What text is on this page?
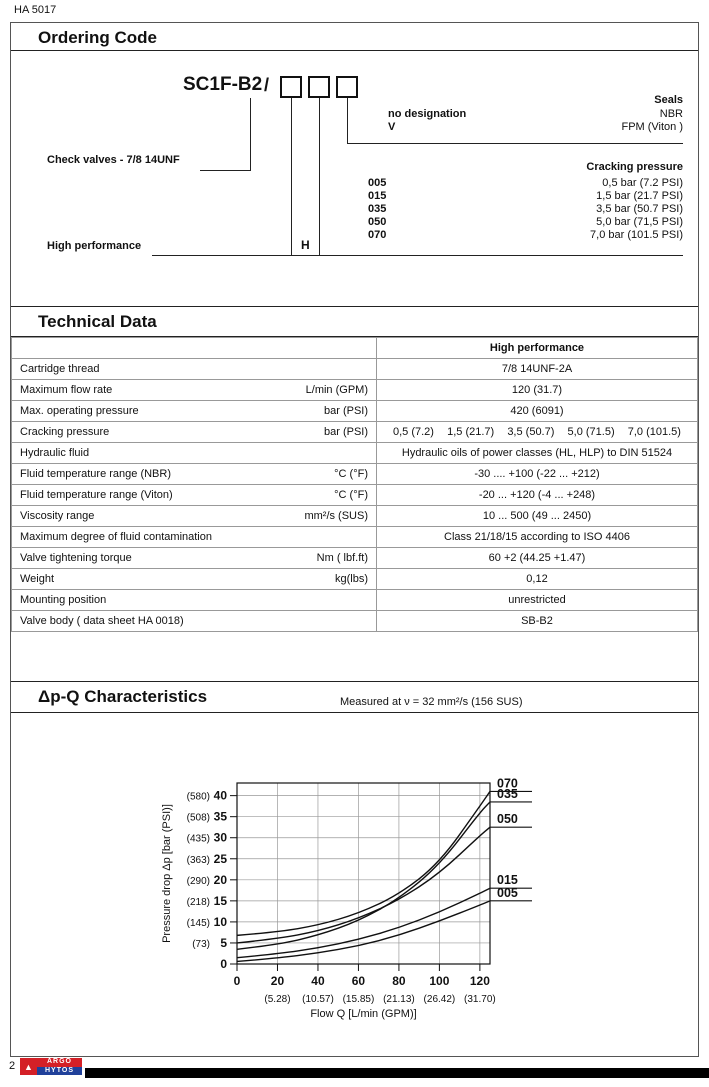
HA 5017
Ordering Code
SC1F-B2 /
Seals
no designation	NBR
V	FPM (Viton )
Check valves - 7/8 14UNF
Cracking pressure
005	0,5 bar (7.2 PSI)
015	1,5 bar (21.7 PSI)
035	3,5 bar (50.7 PSI)
050	5,0 bar (71,5 PSI)
070	7,0 bar (101.5 PSI)
High performance	H
Technical Data
	High performance

Cartridge thread	7/8 14UNF-2A

Maximum flow rate L/min (GPM)	120 (31.7)

Max. operating pressure bar (PSI)	420 (6091)

Cracking pressure bar (PSI)	0,5 (7.2) 1,5 (21.7) 3,5 (50.7) 5,0 (71.5) 7,0 (101.5)

Hydraulic fluid	Hydraulic oils of power classes (HL, HLP) to DIN 51524

Fluid temperature range (NBR) °C (°F)	-30 .... +100 (-22 ... +212)

Fluid temperature range (Viton) °C (°F)	-20 ... +120 (-4 ... +248)

Viscosity range mm²/s (SUS)	10 ... 500 (49 ... 2450)

Maximum degree of fluid contamination	Class 21/18/15 according to ISO 4406

Valve tightening torque Nm ( lbf.ft)	60 +2 (44.25 +1.47)

Weight kg(lbs)	0,12

Mounting position	unrestricted

Valve body ( data sheet HA 0018)	SB-B2
Δp-Q Characteristics	Measured at ν = 32 mm²/s (156 SUS)
0
5
(73)
10
(145)
15
(218)
20
(290)
25
(363)
30
(435)
35
(508)
40
(580)
0	20
(5.28)
40
(10.57)
60
(15.85)
80
(21.13)
100
(26.42)
120
(31.70)
Flow Q [L/min (GPM)]
Pressure drop Δp [bar (PSI)]
070
035
050
015
005
2 ▲	ARGO
HYTOS
